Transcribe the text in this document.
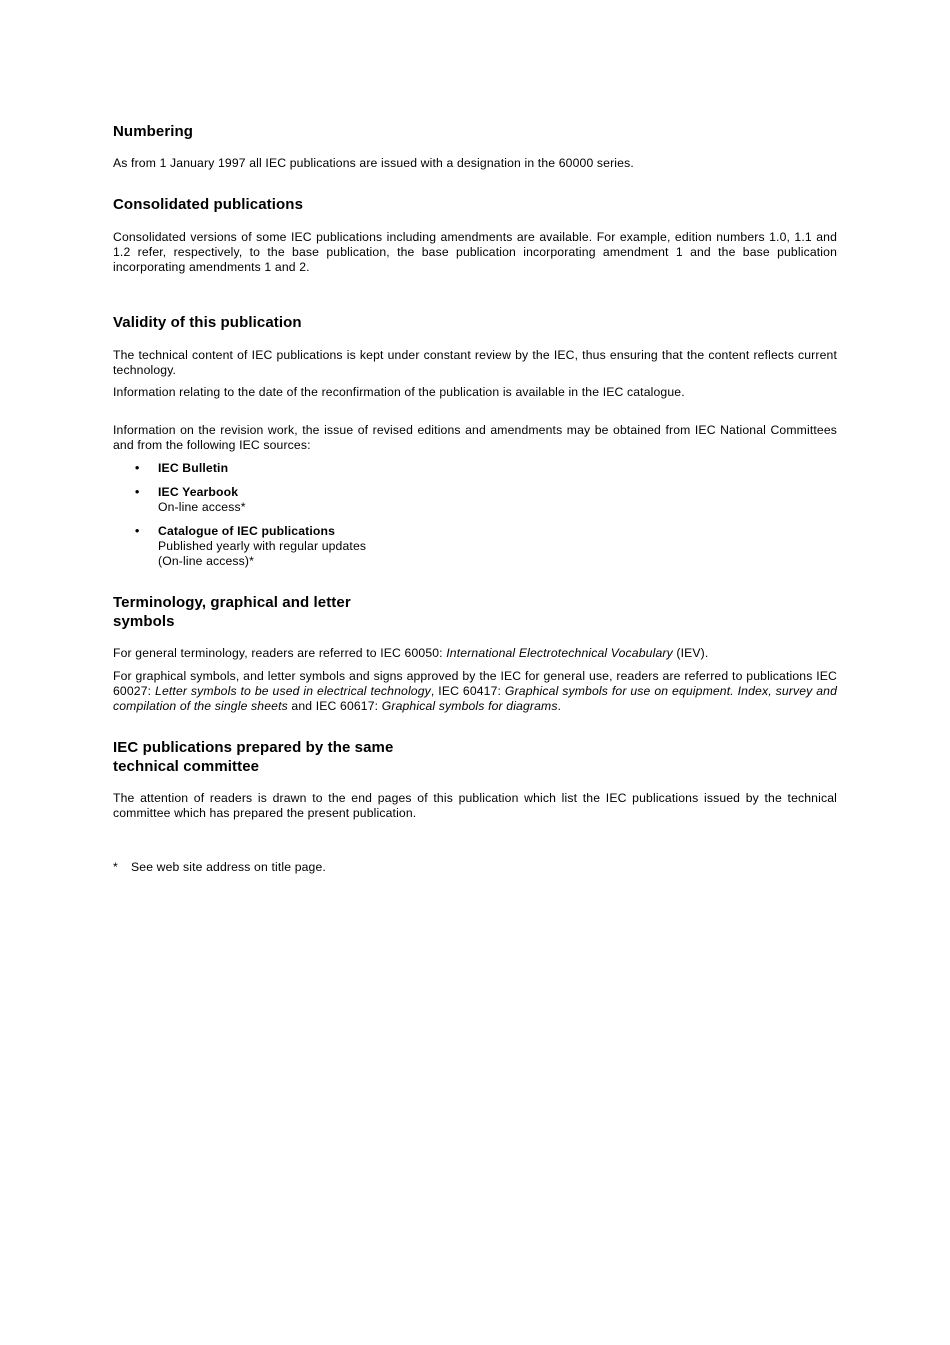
Numbering

As from 1 January 1997 all IEC publications are issued with a designation in the 60000 series.

Consolidated publications

Consolidated versions of some IEC publications including amendments are available. For example, edition numbers 1.0, 1.1 and 1.2 refer, respectively, to the base publication, the base publication incorporating amendment 1 and the base publication incorporating amendments 1 and 2.

Validity of this publication

The technical content of IEC publications is kept under constant review by the IEC, thus ensuring that the content reflects current technology.

Information relating to the date of the reconfirmation of the publication is available in the IEC catalogue.

Information on the revision work, the issue of revised editions and amendments may be obtained from IEC National Committees and from the following IEC sources:

• IEC Bulletin
• IEC Yearbook
On-line access*
• Catalogue of IEC publications
Published yearly with regular updates
(On-line access)*
Terminology, graphical and letter
symbols

For general terminology, readers are referred to IEC 60050: International Electrotechnical Vocabulary (IEV).

For graphical symbols, and letter symbols and signs approved by the IEC for general use, readers are referred to publications IEC 60027: Letter symbols to be used in electrical technology, IEC 60417: Graphical symbols for use on equipment. Index, survey and compilation of the single sheets and IEC 60617: Graphical symbols for diagrams.

IEC publications prepared by the same
technical committee

The attention of readers is drawn to the end pages of this publication which list the IEC publications issued by the technical committee which has prepared the present publication.

* See web site address on title page.
